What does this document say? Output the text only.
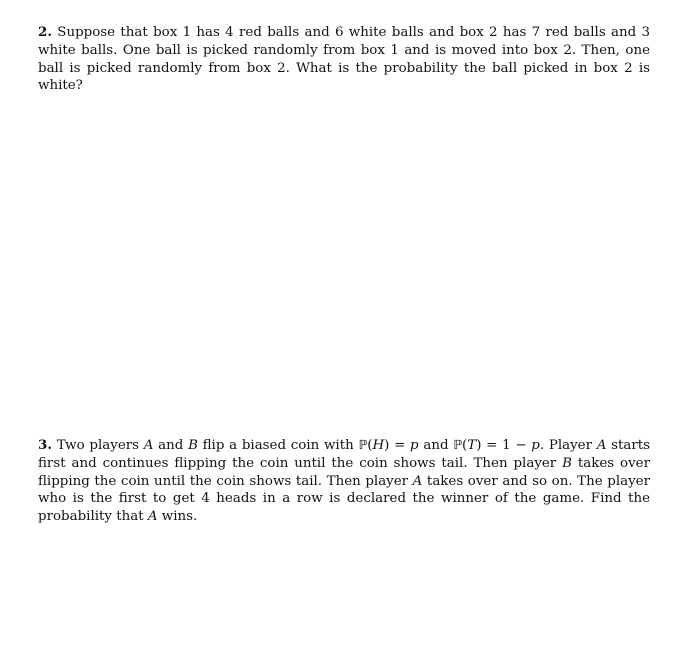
2. Suppose that box 1 has 4 red balls and 6 white balls and box 2 has 7 red balls and 3 white balls. One ball is picked randomly from box 1 and is moved into box 2. Then, one ball is picked randomly from box 2. What is the probability the ball picked in box 2 is white?

3. Two players A and B flip a biased coin with ℙ(H) = p and ℙ(T) = 1 − p. Player A starts first and continues flipping the coin until the coin shows tail. Then player B takes over flipping the coin until the coin shows tail. Then player A takes over and so on. The player who is the first to get 4 heads in a row is declared the winner of the game. Find the probability that A wins.
